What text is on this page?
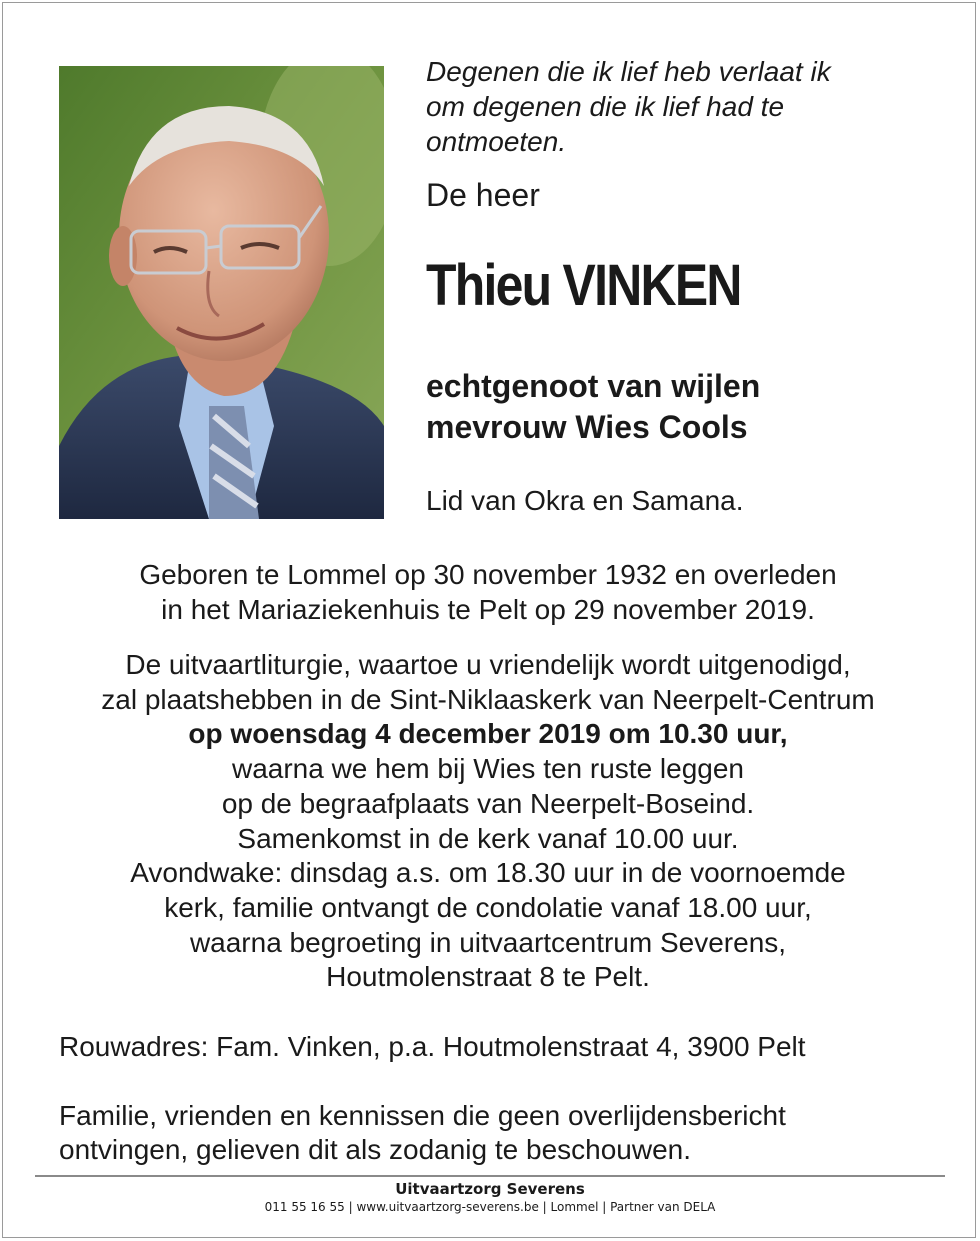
Degenen die ik lief heb verlaat ik
om degenen die ik lief had te
ontmoeten.

De heer

Thieu VINKEN

echtgenoot van wijlen
mevrouw Wies Cools

Lid van Okra en Samana.

Geboren te Lommel op 30 november 1932 en overleden
in het Mariaziekenhuis te Pelt op 29 november 2019.

De uitvaartliturgie, waartoe u vriendelijk wordt uitgenodigd,
zal plaatshebben in de Sint-Niklaaskerk van Neerpelt-Centrum
op woensdag 4 december 2019 om 10.30 uur,
waarna we hem bij Wies ten ruste leggen
op de begraafplaats van Neerpelt-Boseind.
Samenkomst in de kerk vanaf 10.00 uur.
Avondwake: dinsdag a.s. om 18.30 uur in de voornoemde
kerk, familie ontvangt de condolatie vanaf 18.00 uur,
waarna begroeting in uitvaartcentrum Severens,
Houtmolenstraat 8 te Pelt.

Rouwadres: Fam. Vinken, p.a. Houtmolenstraat 4, 3900 Pelt

Familie, vrienden en kennissen die geen overlijdensbericht
ontvingen, gelieven dit als zodanig te beschouwen.

Uitvaartzorg Severens

011 55 16 55 | www.uitvaartzorg-severens.be | Lommel | Partner van DELA
